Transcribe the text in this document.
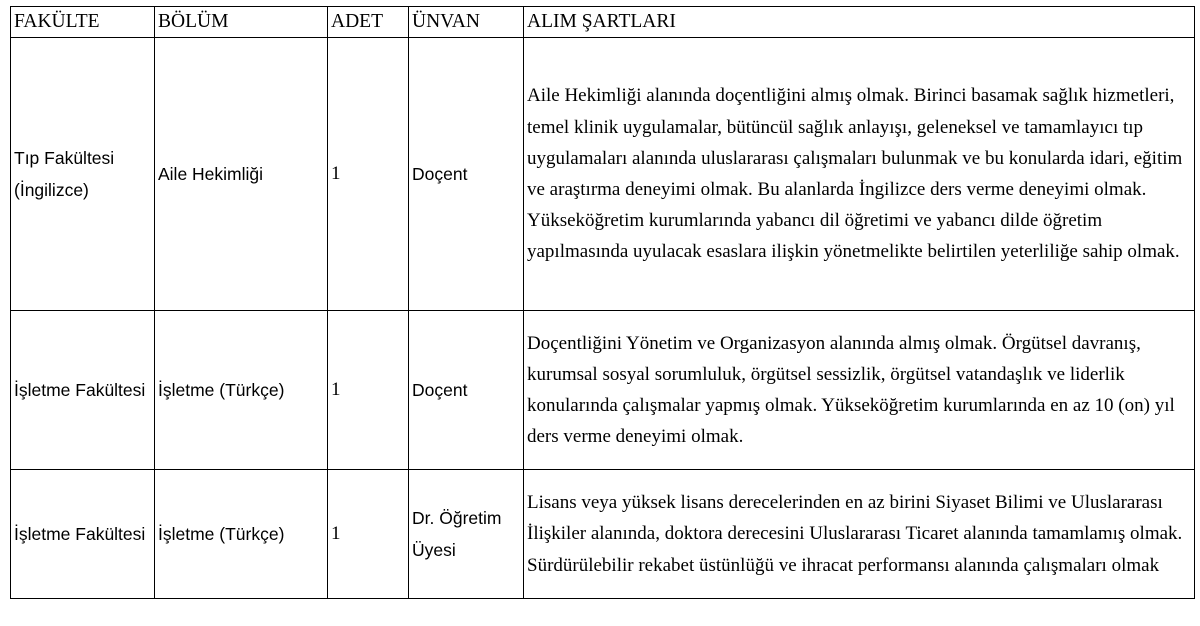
FAKÜLTE	BÖLÜM	ADET	ÜNVAN	ALIM ŞARTLARI
Tıp Fakültesi (İngilizce)	Aile Hekimliği	1	Doçent	Aile Hekimliği alanında doçentliğini almış olmak. Birinci basamak sağlık hizmetleri, temel klinik uygulamalar, bütüncül sağlık anlayışı, geleneksel ve tamamlayıcı tıp uygulamaları alanında uluslararası çalışmaları bulunmak ve bu konularda idari, eğitim ve araştırma deneyimi olmak. Bu alanlarda İngilizce ders verme deneyimi olmak. Yükseköğretim kurumlarında yabancı dil öğretimi ve yabancı dilde öğretim yapılmasında uyulacak esaslara ilişkin yönetmelikte belirtilen yeterliliğe sahip olmak.

İşletme Fakültesi	İşletme (Türkçe)	1	Doçent	Doçentliğini Yönetim ve Organizasyon alanında almış olmak. Örgütsel davranış, kurumsal sosyal sorumluluk, örgütsel sessizlik, örgütsel vatandaşlık ve liderlik konularında çalışmalar yapmış olmak. Yükseköğretim kurumlarında en az 10 (on) yıl ders verme deneyimi olmak.

İşletme Fakültesi	İşletme (Türkçe)	1	Dr. Öğretim Üyesi	Lisans veya yüksek lisans derecelerinden en az birini Siyaset Bilimi ve Uluslararası İlişkiler alanında, doktora derecesini Uluslararası Ticaret alanında tamamlamış olmak. Sürdürülebilir rekabet üstünlüğü ve ihracat performansı alanında çalışmaları olmak
